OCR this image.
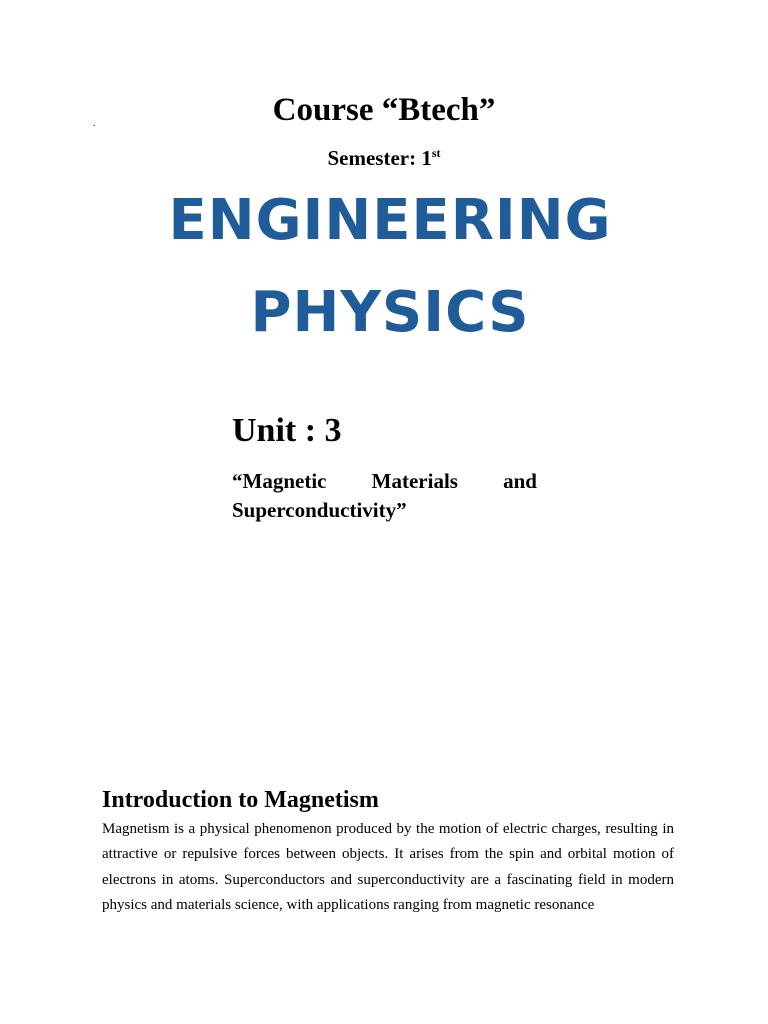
.	Course “Btech”
Semester: 1st
ENGINEERING
PHYSICS
Unit : 3
“Magnetic Materials and
Superconductivity”
Introduction to Magnetism
Magnetism is a physical phenomenon produced by the motion of electric charges, resulting in attractive or repulsive forces between objects. It arises from the spin and orbital motion of electrons in atoms. Superconductors and superconductivity are a fascinating field in modern physics and materials science, with applications ranging from magnetic resonance
